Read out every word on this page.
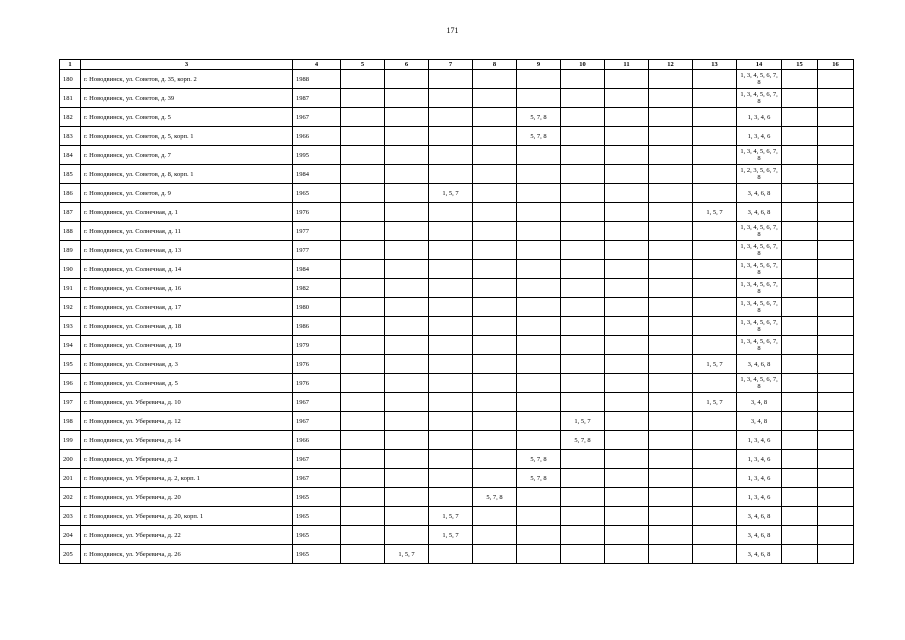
171
1	3	4	5	6	7	8	9	10	11	12	13	14	15	16
180	г. Новодвинск, ул. Советов, д. 35, корп. 2	1988										1, 3, 4, 5, 6, 7, 8		
181	г. Новодвинск, ул. Советов, д. 39	1987										1, 3, 4, 5, 6, 7, 8		
182	г. Новодвинск, ул. Советов, д. 5	1967					5, 7, 8					1, 3, 4, 6		
183	г. Новодвинск, ул. Советов, д. 5, корп. 1	1966					5, 7, 8					1, 3, 4, 6		
184	г. Новодвинск, ул. Советов, д. 7	1995										1, 3, 4, 5, 6, 7, 8		
185	г. Новодвинск, ул. Советов, д. 8, корп. 1	1984										1, 2, 3, 5, 6, 7, 8		
186	г. Новодвинск, ул. Советов, д. 9	1965			1, 5, 7							3, 4, 6, 8		
187	г. Новодвинск, ул. Солнечная, д. 1	1976									1, 5, 7	3, 4, 6, 8		
188	г. Новодвинск, ул. Солнечная, д. 11	1977										1, 3, 4, 5, 6, 7, 8		
189	г. Новодвинск, ул. Солнечная, д. 13	1977										1, 3, 4, 5, 6, 7, 8		
190	г. Новодвинск, ул. Солнечная, д. 14	1984										1, 3, 4, 5, 6, 7, 8		
191	г. Новодвинск, ул. Солнечная, д. 16	1982										1, 3, 4, 5, 6, 7, 8		
192	г. Новодвинск, ул. Солнечная, д. 17	1980										1, 3, 4, 5, 6, 7, 8		
193	г. Новодвинск, ул. Солнечная, д. 18	1986										1, 3, 4, 5, 6, 7, 8		
194	г. Новодвинск, ул. Солнечная, д. 19	1979										1, 3, 4, 5, 6, 7, 8		
195	г. Новодвинск, ул. Солнечная, д. 3	1976									1, 5, 7	3, 4, 6, 8		
196	г. Новодвинск, ул. Солнечная, д. 5	1976										1, 3, 4, 5, 6, 7, 8		
197	г. Новодвинск, ул. Уберевича, д. 10	1967									1, 5, 7	3, 4, 8		
198	г. Новодвинск, ул. Уберевича, д. 12	1967						1, 5, 7				3, 4, 8		
199	г. Новодвинск, ул. Уберевича, д. 14	1966						5, 7, 8				1, 3, 4, 6		
200	г. Новодвинск, ул. Уберевича, д. 2	1967					5, 7, 8					1, 3, 4, 6		
201	г. Новодвинск, ул. Уберевича, д. 2, корп. 1	1967					5, 7, 8					1, 3, 4, 6		
202	г. Новодвинск, ул. Уберевича, д. 20	1965				5, 7, 8						1, 3, 4, 6		
203	г. Новодвинск, ул. Уберевича, д. 20, корп. 1	1965			1, 5, 7							3, 4, 6, 8		
204	г. Новодвинск, ул. Уберевича, д. 22	1965			1, 5, 7							3, 4, 6, 8		
205	г. Новодвинск, ул. Уберевича, д. 26	1965		1, 5, 7								3, 4, 6, 8		
